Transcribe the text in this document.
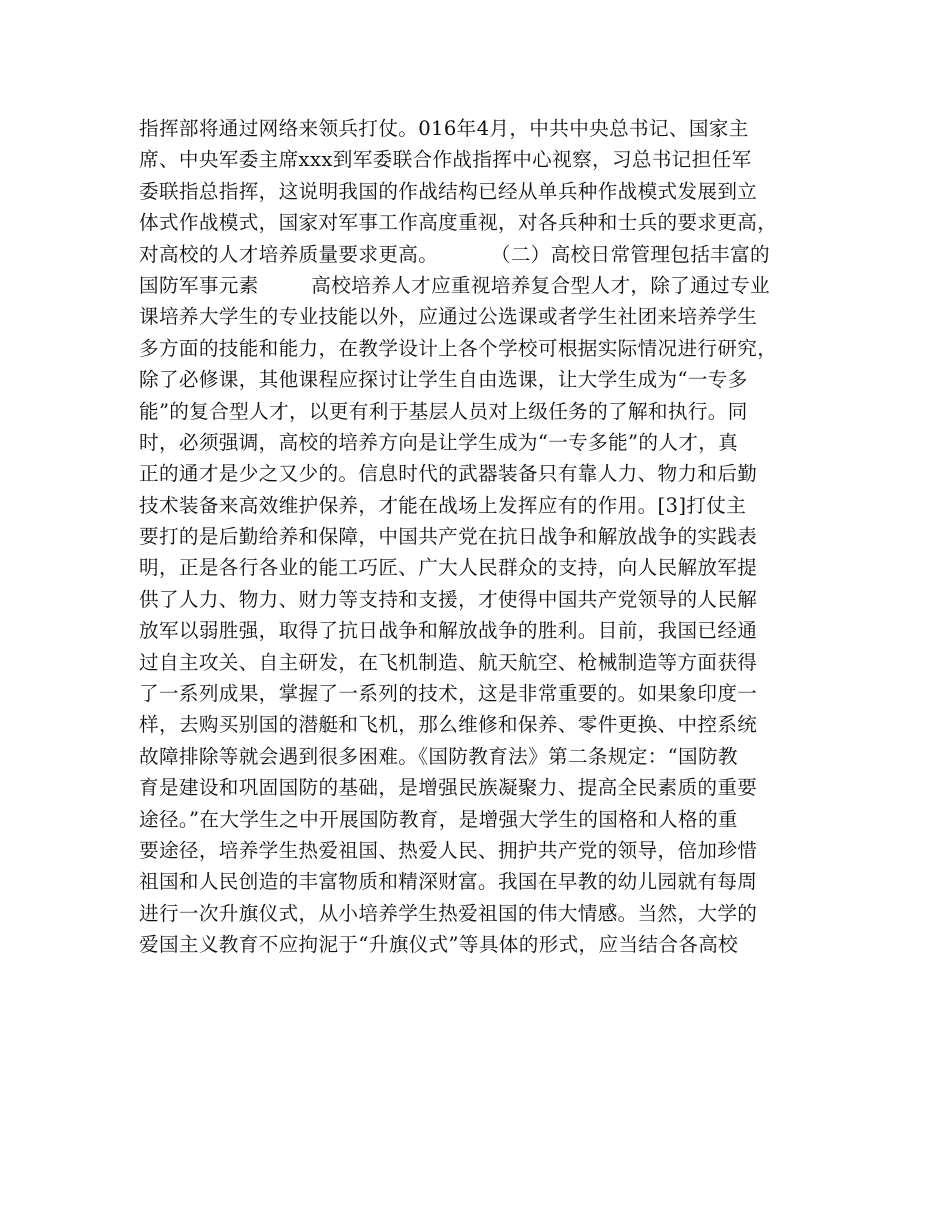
指挥部将通过网络来领兵打仗。016年4月，中共中央总书记、国家主
席、中央军委主席xxx到军委联合作战指挥中心视察，习总书记担任军
委联指总指挥，这说明我国的作战结构已经从单兵种作战模式发展到立
体式作战模式，国家对军事工作高度重视，对各兵种和士兵的要求更高，
对高校的人才培养质量要求更高。        （二）高校日常管理包括丰富的
国防军事元素        高校培养人才应重视培养复合型人才，除了通过专业
课培养大学生的专业技能以外，应通过公选课或者学生社团来培养学生
多方面的技能和能力，在教学设计上各个学校可根据实际情况进行研究，
除了必修课，其他课程应探讨让学生自由选课，让大学生成为“一专多
能”的复合型人才，以更有利于基层人员对上级任务的了解和执行。同
时，必须强调，高校的培养方向是让学生成为“一专多能”的人才，真
正的通才是少之又少的。信息时代的武器装备只有靠人力、物力和后勤
技术装备来高效维护保养，才能在战场上发挥应有的作用。[3]打仗主
要打的是后勤给养和保障，中国共产党在抗日战争和解放战争的实践表
明，正是各行各业的能工巧匠、广大人民群众的支持，向人民解放军提
供了人力、物力、财力等支持和支援，才使得中国共产党领导的人民解
放军以弱胜强，取得了抗日战争和解放战争的胜利。目前，我国已经通
过自主攻关、自主研发，在飞机制造、航天航空、枪械制造等方面获得
了一系列成果，掌握了一系列的技术，这是非常重要的。如果象印度一
样，去购买别国的潜艇和飞机，那么维修和保养、零件更换、中控系统
故障排除等就会遇到很多困难。《国防教育法》第二条规定：“国防教
育是建设和巩固国防的基础，是增强民族凝聚力、提高全民素质的重要
途径。”在大学生之中开展国防教育，是增强大学生的国格和人格的重
要途径，培养学生热爱祖国、热爱人民、拥护共产党的领导，倍加珍惜
祖国和人民创造的丰富物质和精深财富。我国在早教的幼儿园就有每周
进行一次升旗仪式，从小培养学生热爱祖国的伟大情感。当然，大学的
爱国主义教育不应拘泥于“升旗仪式”等具体的形式，应当结合各高校
